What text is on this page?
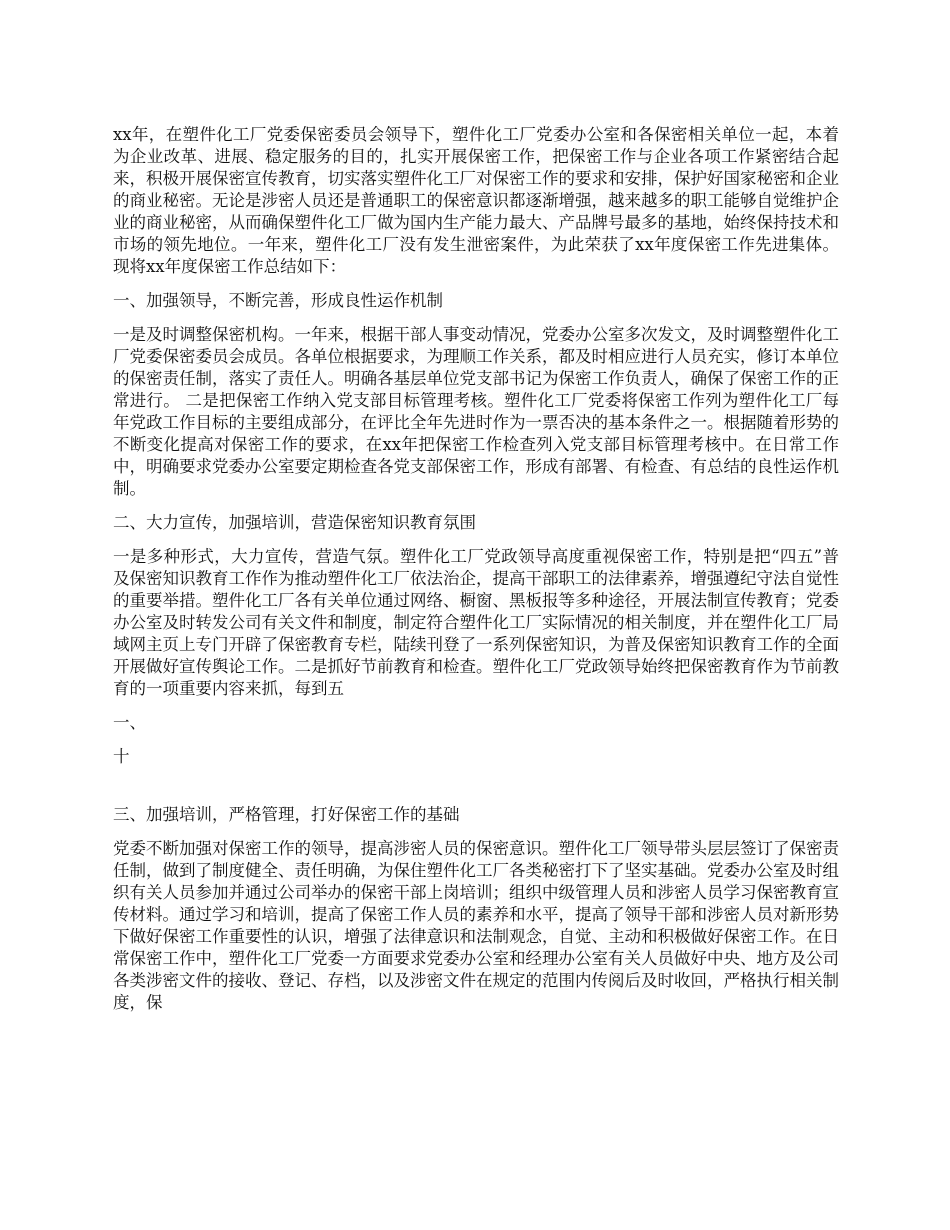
xx年，在塑件化工厂党委保密委员会领导下，塑件化工厂党委办公室和各保密相关单位一起，本着为企业改革、进展、稳定服务的目的，扎实开展保密工作，把保密工作与企业各项工作紧密结合起来，积极开展保密宣传教育，切实落实塑件化工厂对保密工作的要求和安排，保护好国家秘密和企业的商业秘密。无论是涉密人员还是普通职工的保密意识都逐渐增强，越来越多的职工能够自觉维护企业的商业秘密，从而确保塑件化工厂做为国内生产能力最大、产品牌号最多的基地，始终保持技术和市场的领先地位。一年来，塑件化工厂没有发生泄密案件，为此荣获了xx年度保密工作先进集体。现将xx年度保密工作总结如下：

一、加强领导，不断完善，形成良性运作机制

一是及时调整保密机构。一年来，根据干部人事变动情况，党委办公室多次发文，及时调整塑件化工厂党委保密委员会成员。各单位根据要求，为理顺工作关系，都及时相应进行人员充实，修订本单位的保密责任制，落实了责任人。明确各基层单位党支部书记为保密工作负责人，确保了保密工作的正常进行。 二是把保密工作纳入党支部目标管理考核。塑件化工厂党委将保密工作列为塑件化工厂每年党政工作目标的主要组成部分，在评比全年先进时作为一票否决的基本条件之一。根据随着形势的不断变化提高对保密工作的要求，在xx年把保密工作检查列入党支部目标管理考核中。在日常工作中，明确要求党委办公室要定期检查各党支部保密工作，形成有部署、有检查、有总结的良性运作机制。

二、大力宣传，加强培训，营造保密知识教育氛围

一是多种形式，大力宣传，营造气氛。塑件化工厂党政领导高度重视保密工作，特别是把“四五”普及保密知识教育工作作为推动塑件化工厂依法治企，提高干部职工的法律素养，增强遵纪守法自觉性的重要举措。塑件化工厂各有关单位通过网络、橱窗、黑板报等多种途径，开展法制宣传教育；党委办公室及时转发公司有关文件和制度，制定符合塑件化工厂实际情况的相关制度，并在塑件化工厂局域网主页上专门开辟了保密教育专栏，陆续刊登了一系列保密知识，为普及保密知识教育工作的全面开展做好宣传舆论工作。二是抓好节前教育和检查。塑件化工厂党政领导始终把保密教育作为节前教育的一项重要内容来抓，每到五

一、

十

三、加强培训，严格管理，打好保密工作的基础

党委不断加强对保密工作的领导，提高涉密人员的保密意识。塑件化工厂领导带头层层签订了保密责任制，做到了制度健全、责任明确，为保住塑件化工厂各类秘密打下了坚实基础。党委办公室及时组织有关人员参加并通过公司举办的保密干部上岗培训；组织中级管理人员和涉密人员学习保密教育宣传材料。通过学习和培训，提高了保密工作人员的素养和水平，提高了领导干部和涉密人员对新形势下做好保密工作重要性的认识，增强了法律意识和法制观念，自觉、主动和积极做好保密工作。在日常保密工作中，塑件化工厂党委一方面要求党委办公室和经理办公室有关人员做好中央、地方及公司各类涉密文件的接收、登记、存档，以及涉密文件在规定的范围内传阅后及时收回，严格执行相关制度，保
